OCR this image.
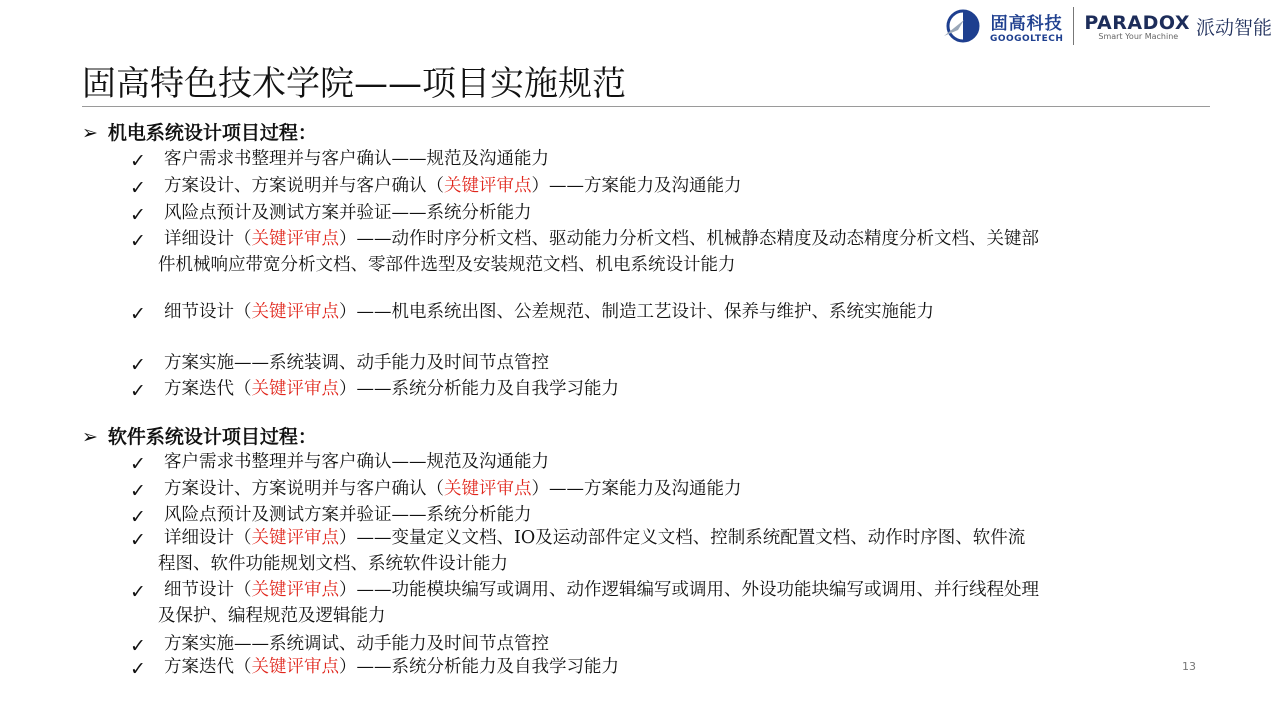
固高科技
GOOGOLTECH
PARADOX
Smart Your Machine 派动智能
固高特色技术学院——项目实施规范
➢ 机电系统设计项目过程：
✓	客户需求书整理并与客户确认——规范及沟通能力
✓	方案设计、方案说明并与客户确认（关键评审点）——方案能力及沟通能力
✓	风险点预计及测试方案并验证——系统分析能力
✓	详细设计（关键评审点）——动作时序分析文档、驱动能力分析文档、机械静态精度及动态精度分析文档、关键部件机械响应带宽分析文档、零部件选型及安装规范文档、机电系统设计能力
✓	细节设计（关键评审点）——机电系统出图、公差规范、制造工艺设计、保养与维护、系统实施能力
✓	方案实施——系统装调、动手能力及时间节点管控
✓	方案迭代（关键评审点）——系统分析能力及自我学习能力
➢ 软件系统设计项目过程：
✓	客户需求书整理并与客户确认——规范及沟通能力
✓	方案设计、方案说明并与客户确认（关键评审点）——方案能力及沟通能力
✓	风险点预计及测试方案并验证——系统分析能力
✓	详细设计（关键评审点）——变量定义文档、IO及运动部件定义文档、控制系统配置文档、动作时序图、软件流程图、软件功能规划文档、系统软件设计能力
✓	细节设计（关键评审点）——功能模块编写或调用、动作逻辑编写或调用、外设功能块编写或调用、并行线程处理及保护、编程规范及逻辑能力
✓	方案实施——系统调试、动手能力及时间节点管控
✓	方案迭代（关键评审点）——系统分析能力及自我学习能力	13
